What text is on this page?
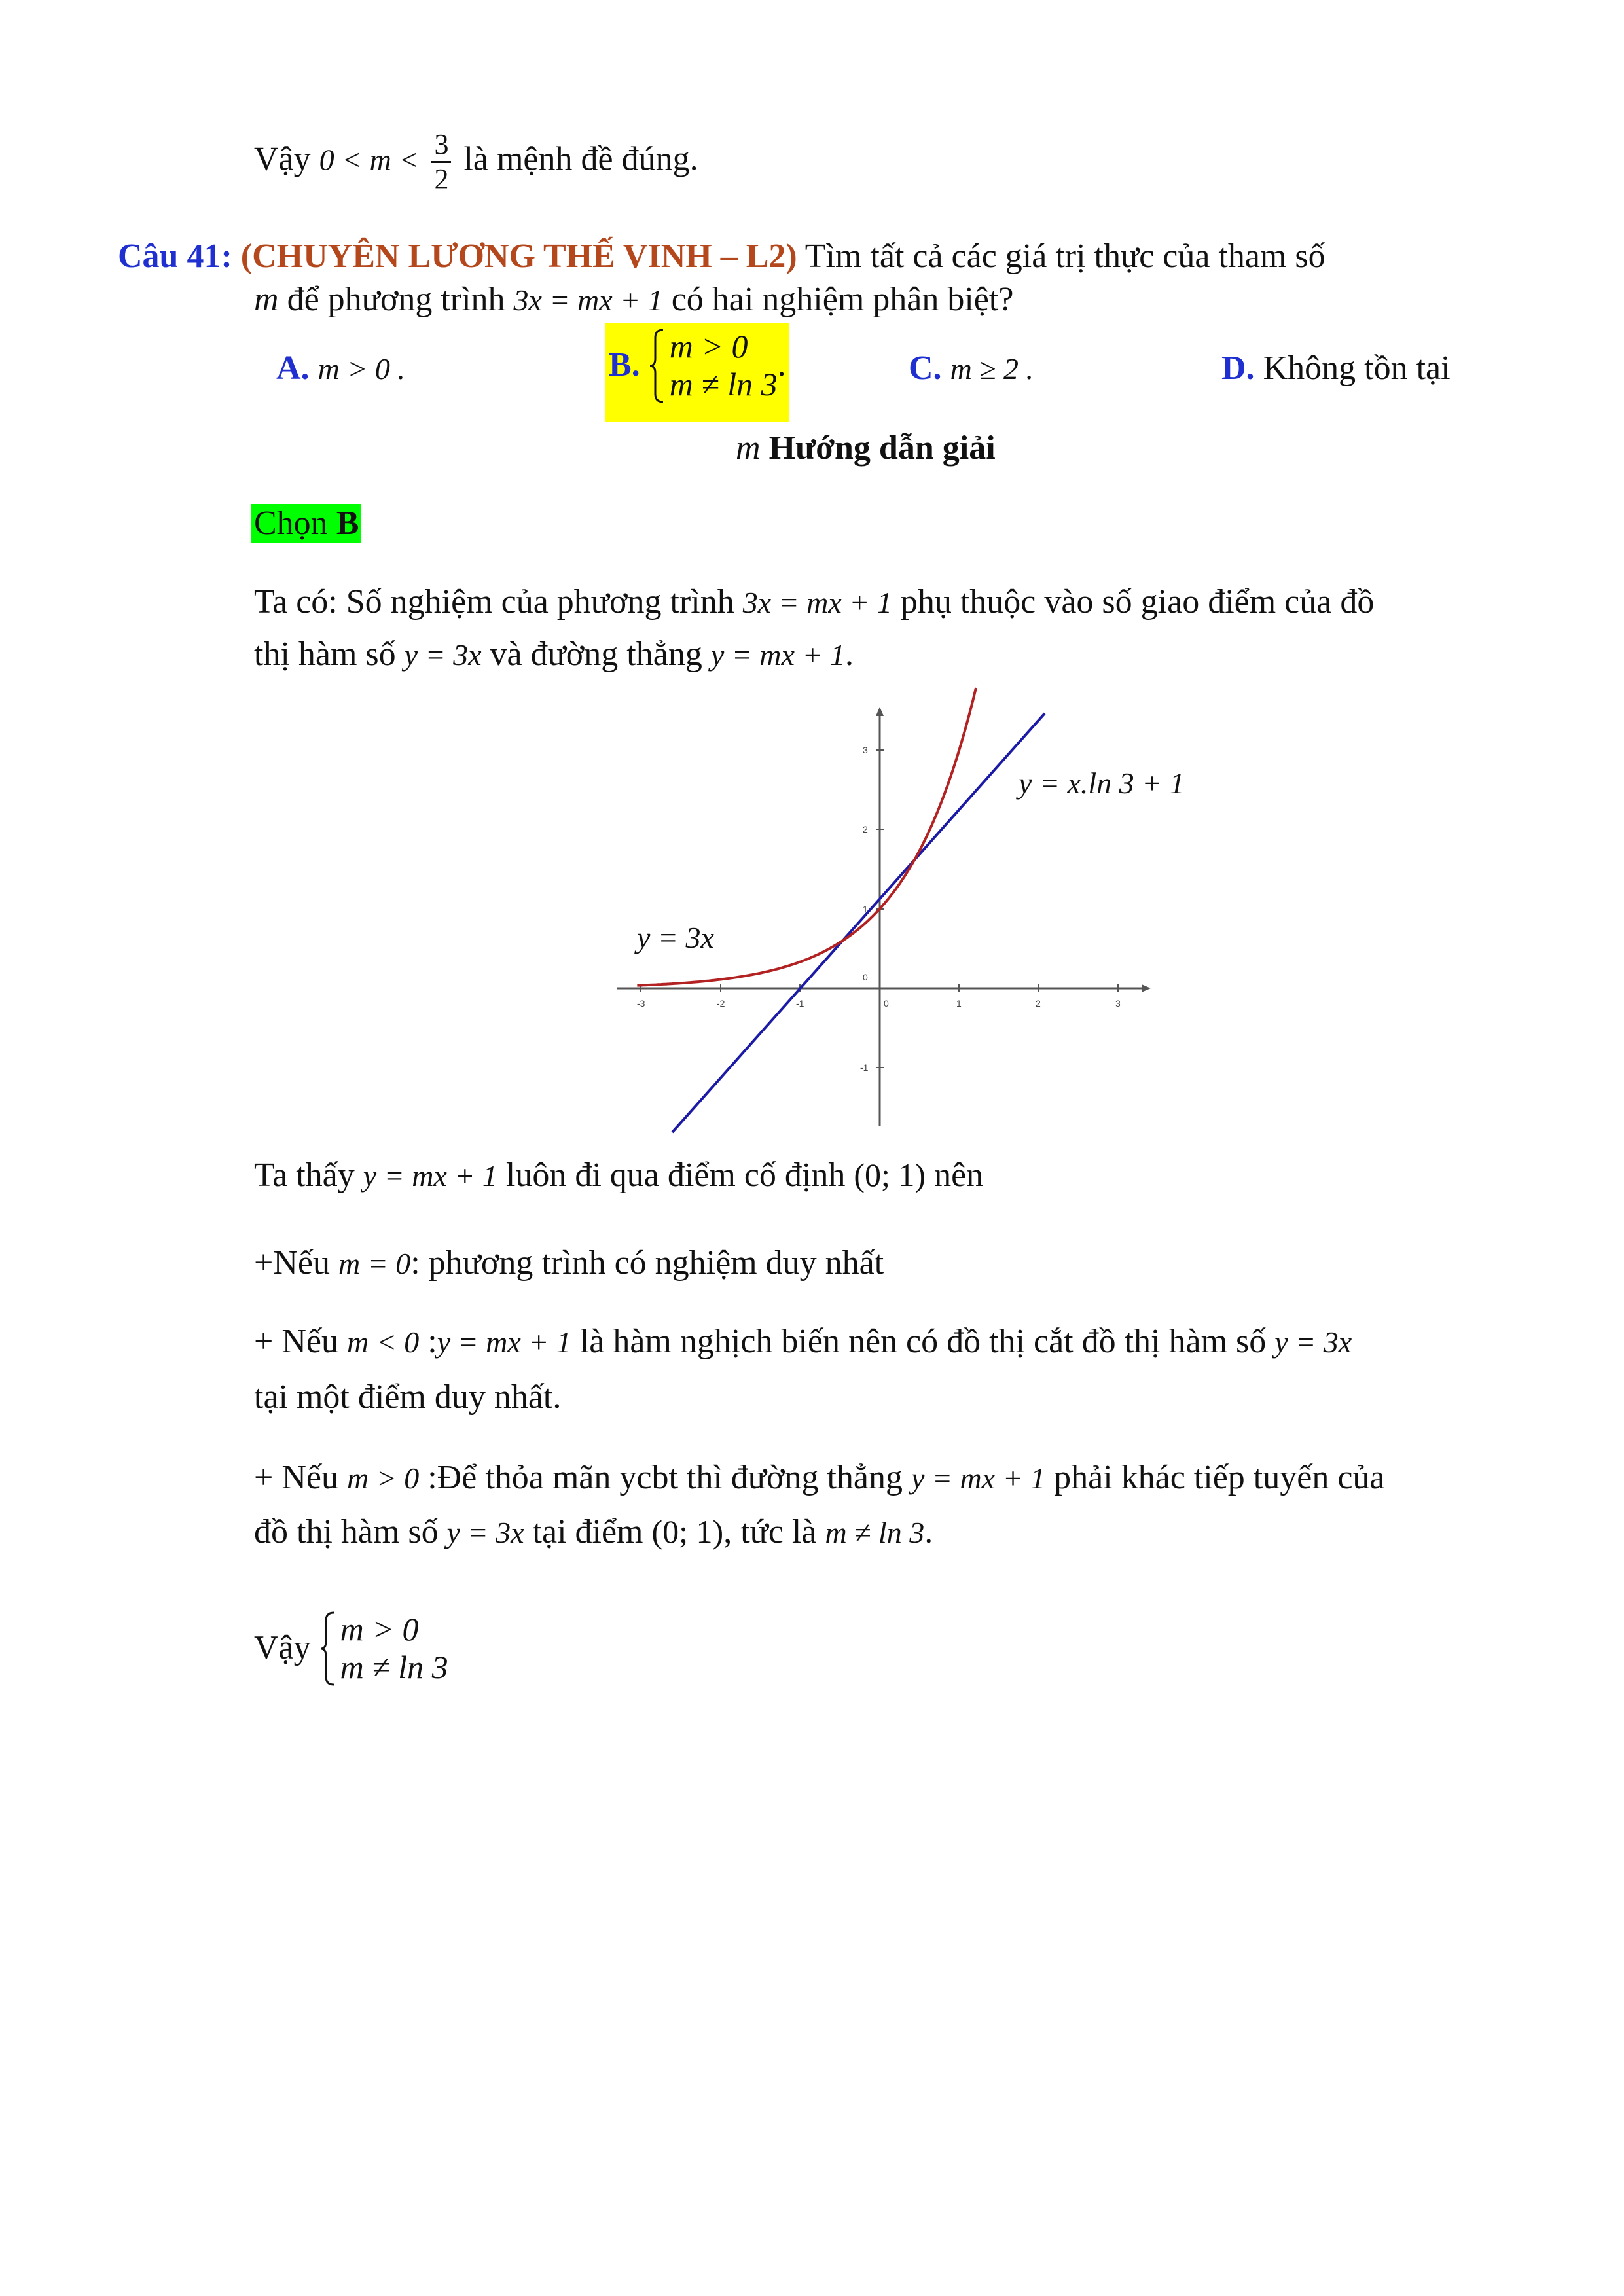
Vậy $0 < m < \frac{3}{2}$ là mệnh đề đúng.
Câu 41: (CHUYÊN LƯƠNG THẾ VINH – L2) Tìm tất cả các giá trị thực của tham số
m để phương trình 3x = mx + 1 có hai nghiệm phân biệt?
A. m > 0 .	B. m > 0
m ≠ ln 3
.	C. m ≥ 2 .	D. Không tồn tại
m Hướng dẫn giải
Chọn B
Ta có: Số nghiệm của phương trình 3x = mx + 1 phụ thuộc vào số giao điểm của đồ
thị hàm số y = 3x và đường thẳng y = mx + 1.
-3	-2	-1	0	1	2	3
3
2
1
-1
0
y = x.ln 3 + 1
y = 3x
Ta thấy y = mx + 1 luôn đi qua điểm cố định (0; 1) nên
+Nếu m = 0: phương trình có nghiệm duy nhất
+ Nếu m < 0 :y = mx + 1 là hàm nghịch biến nên có đồ thị cắt đồ thị hàm số y = 3x
tại một điểm duy nhất.
+ Nếu m > 0 :Để thỏa mãn ycbt thì đường thẳng y = mx + 1 phải khác tiếp tuyến của
đồ thị hàm số y = 3x tại điểm (0; 1), tức là m ≠ ln 3.
Vậy m > 0
m ≠ ln 3
